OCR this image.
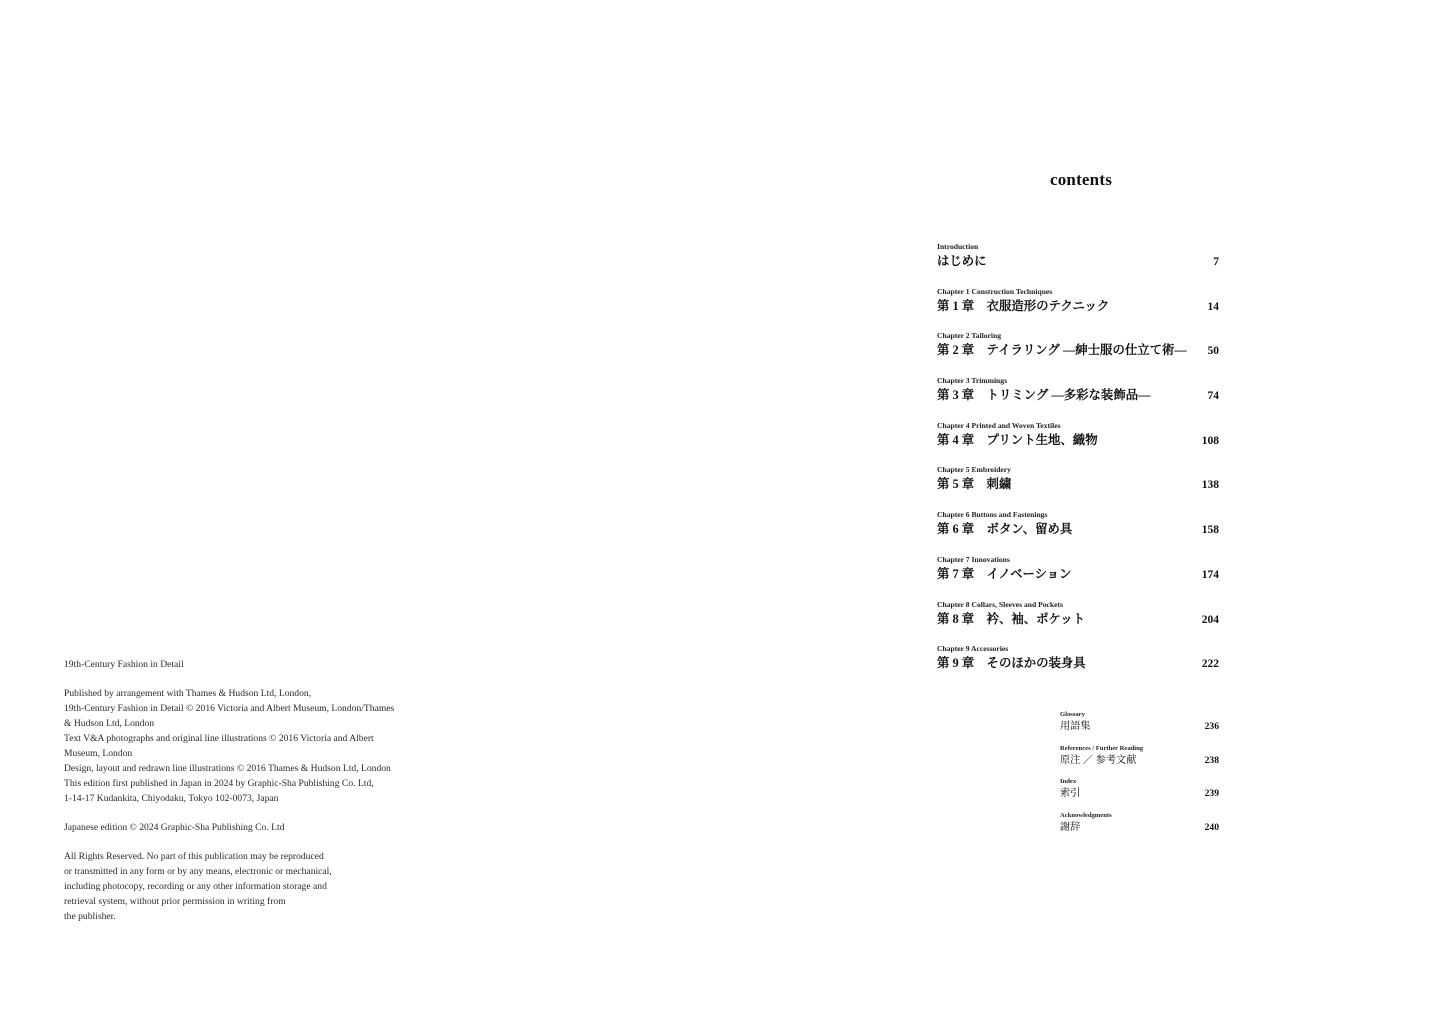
19th-Century Fashion in Detail

Published by arrangement with Thames & Hudson Ltd, London,
19th-Century Fashion in Detail © 2016 Victoria and Albert Museum, London/Thames
& Hudson Ltd, London
Text V&A photographs and original line illustrations © 2016 Victoria and Albert
Museum, London
Design, layout and redrawn line illustrations © 2016 Thames & Hudson Ltd, London
This edition first published in Japan in 2024 by Graphic-Sha Publishing Co. Ltd,
1-14-17 Kudankita, Chiyodaku, Tokyo 102-0073, Japan

Japanese edition © 2024 Graphic-Sha Publishing Co. Ltd

All Rights Reserved. No part of this publication may be reproduced
or transmitted in any form or by any means, electronic or mechanical,
including photocopy, recording or any other information storage and
retrieval system, without prior permission in writing from
the publisher.

contents
Introduction
はじめに	7
Chapter 1 Construction Techniques
第 1 章　衣服造形のテクニック	14
Chapter 2 Tailoring
第 2 章　テイラリング ―紳士服の仕立て術― 50
Chapter 3 Trimmings
第 3 章　トリミング ―多彩な装飾品―	74
Chapter 4 Printed and Woven Textiles
第 4 章　プリント生地、織物	108
Chapter 5 Embroidery
第 5 章　刺繍	138
Chapter 6 Buttons and Fastenings
第 6 章　ボタン、留め具	158
Chapter 7 Innovations
第 7 章　イノベーション	174
Chapter 8 Collars, Sleeves and Pockets
第 8 章　衿、袖、ポケット	204
Chapter 9 Accessories
第 9 章　そのほかの装身具	222
Glossary
用語集	236
References / Further Reading
原注 ／ 参考文献	238
Index
索引	239
Acknowledgments
謝辞	240
